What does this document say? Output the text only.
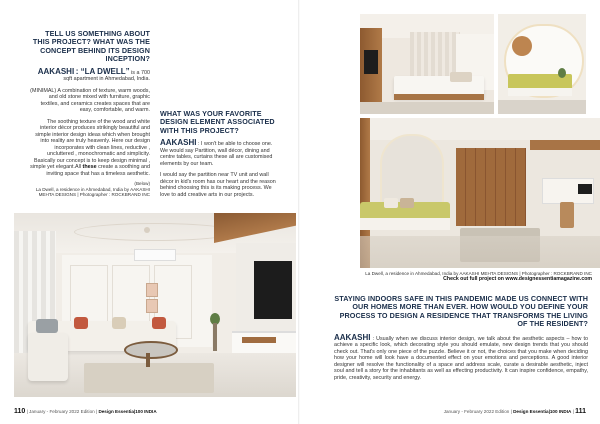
TELL US SOMETHING ABOUT THIS PROJECT? WHAT WAS THE CONCEPT BEHIND ITS DESIGN INCEPTION?
AAKASHI : “LA DWELL” is a 700 sqft apartment in Ahmedabad, India.
(MINIMAL) A combination of texture, warm woods, and old stone mixed with furniture, graphic textiles, and ceramics creates spaces that are easy, comfortable, and warm.
The soothing texture of the wood and white interior décor produces strikingly beautiful and simple interior design ideas which when brought into reality are truly heavenly. Here our design incorporates with clean lines, reductive , uncluttered , monochromatic and simplicity. Basically our concept is to keep design minimal , simple yet elegant.All these create a soothing and inviting space that has a timeless aesthetic.
(Below)
La Dwell, a residence in Ahmedabad, India by AAKASHI MEHTA DESIGNS | Photographer : ROCKBRAND INC
WHAT WAS YOUR FAVORITE DESIGN ELEMENT ASSOCIATED WITH THIS PROJECT?
AAKASHI : I won't be able to choose one. We would say Partition, wall décor, dining and centre tables, curtains these all are customised elements by our team.
I would say the partition near TV unit and wall décor in kid's room has our heart and the reason behind choosing this is its making process. We love to add creative arts in our projects.
110 | January - February 2022 Edition | Design Essentia|100 INDIA
La Dwell, a residence in Ahmedabad, India by AAKASHI MEHTA DESIGNS | Photographer : ROCKBRAND INC
Check out full project on www.designessentiamagazine.com
STAYING INDOORS SAFE IN THIS PANDEMIC MADE US CONNECT WITH OUR HOMES MORE THAN EVER. HOW WOULD YOU DEFINE YOUR PROCESS TO DESIGN A RESIDENCE THAT TRANSFORMS THE LIVING OF THE RESIDENT?
AAKASHI : Usually when we discuss interior design, we talk about the aesthetic aspects – how to achieve a specific look, which decorating style you should emulate, new design trends that you should check out. That's only one piece of the puzzle. Believe it or not, the choices that you make when deciding how your home will look have a documented effect on your emotions and perceptions. A good interior designer will resolve the functionality of a space and address scale, curate a desirable aesthetic, inject soul and tell a story for the inhabitants as well as effecting productivity. It can inspire confidence, empathy, pride, creativity, security and energy.
January - February 2022 Edition | Design Essentia|100 INDIA | 111
